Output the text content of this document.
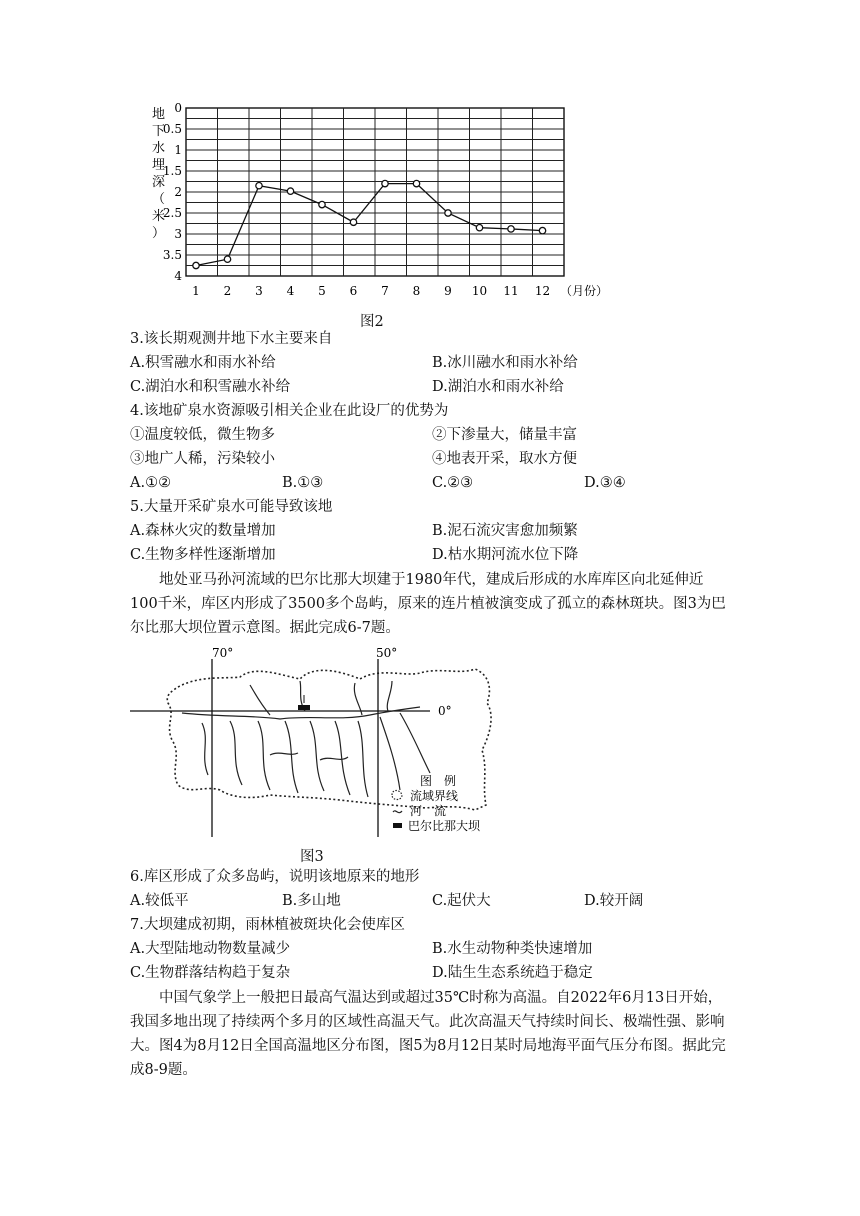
地下水埋深（米）
0
0.5
1
1.5
2
2.5
3
3.5
4
1 2 3 4 5 6 7 8 9 10 11 12 （月份）
图2
3.该长期观测井地下水主要来自
A.积雪融水和雨水补给	B.冰川融水和雨水补给
C.湖泊水和积雪融水补给	D.湖泊水和雨水补给
4.该地矿泉水资源吸引相关企业在此设厂的优势为
①温度较低，微生物多	②下渗量大，储量丰富
③地广人稀，污染较小	④地表开采，取水方便
A.①②	B.①③	C.②③	D.③④
5.大量开采矿泉水可能导致该地
A.森林火灾的数量增加	B.泥石流灾害愈加频繁
C.生物多样性逐渐增加	D.枯水期河流水位下降
地处亚马孙河流域的巴尔比那大坝建于1980年代，建成后形成的水库库区向北延伸近100千米，库区内形成了3500多个岛屿，原来的连片植被演变成了孤立的森林斑块。图3为巴尔比那大坝位置示意图。据此完成6-7题。
70°	50°
0°
图　例
流域界线
河　流
巴尔比那大坝
图3
6.库区形成了众多岛屿，说明该地原来的地形
A.较低平	B.多山地	C.起伏大	D.较开阔
7.大坝建成初期，雨林植被斑块化会使库区
A.大型陆地动物数量减少	B.水生动物种类快速增加
C.生物群落结构趋于复杂	D.陆生生态系统趋于稳定
中国气象学上一般把日最高气温达到或超过35℃时称为高温。自2022年6月13日开始，我国多地出现了持续两个多月的区域性高温天气。此次高温天气持续时间长、极端性强、影响大。图4为8月12日全国高温地区分布图，图5为8月12日某时局地海平面气压分布图。据此完成8-9题。
